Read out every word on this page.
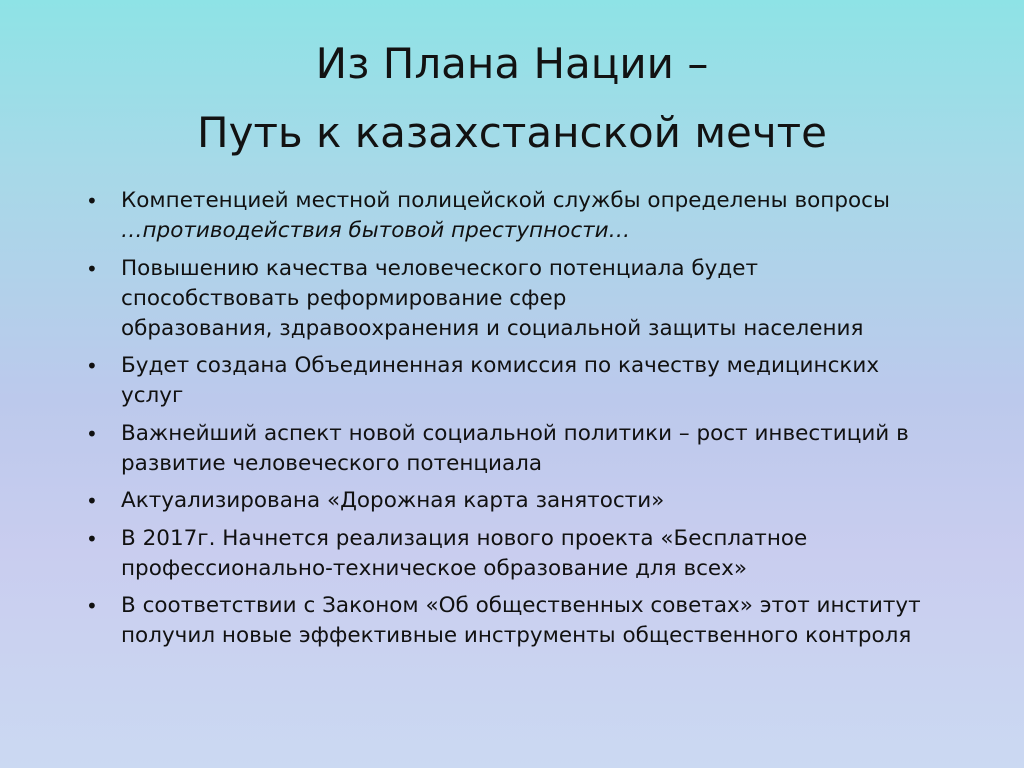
Из Плана Нации –
Путь к казахстанской мечте
•	Компетенцией местной полицейской службы определены вопросы
…противодействия бытовой преступности…
•	Повышению качества человеческого потенциала будет
способствовать реформирование сфер
образования, здравоохранения и социальной защиты населения
•	Будет создана Объединенная комиссия по качеству медицинских
услуг
•	Важнейший аспект новой социальной политики – рост инвестиций в
развитие человеческого потенциала
•	Актуализирована «Дорожная карта занятости»
•	В 2017г. Начнется реализация нового проекта «Бесплатное
профессионально-техническое образование для всех»
•	В соответствии с Законом «Об общественных советах» этот институт
получил новые эффективные инструменты общественного контроля
